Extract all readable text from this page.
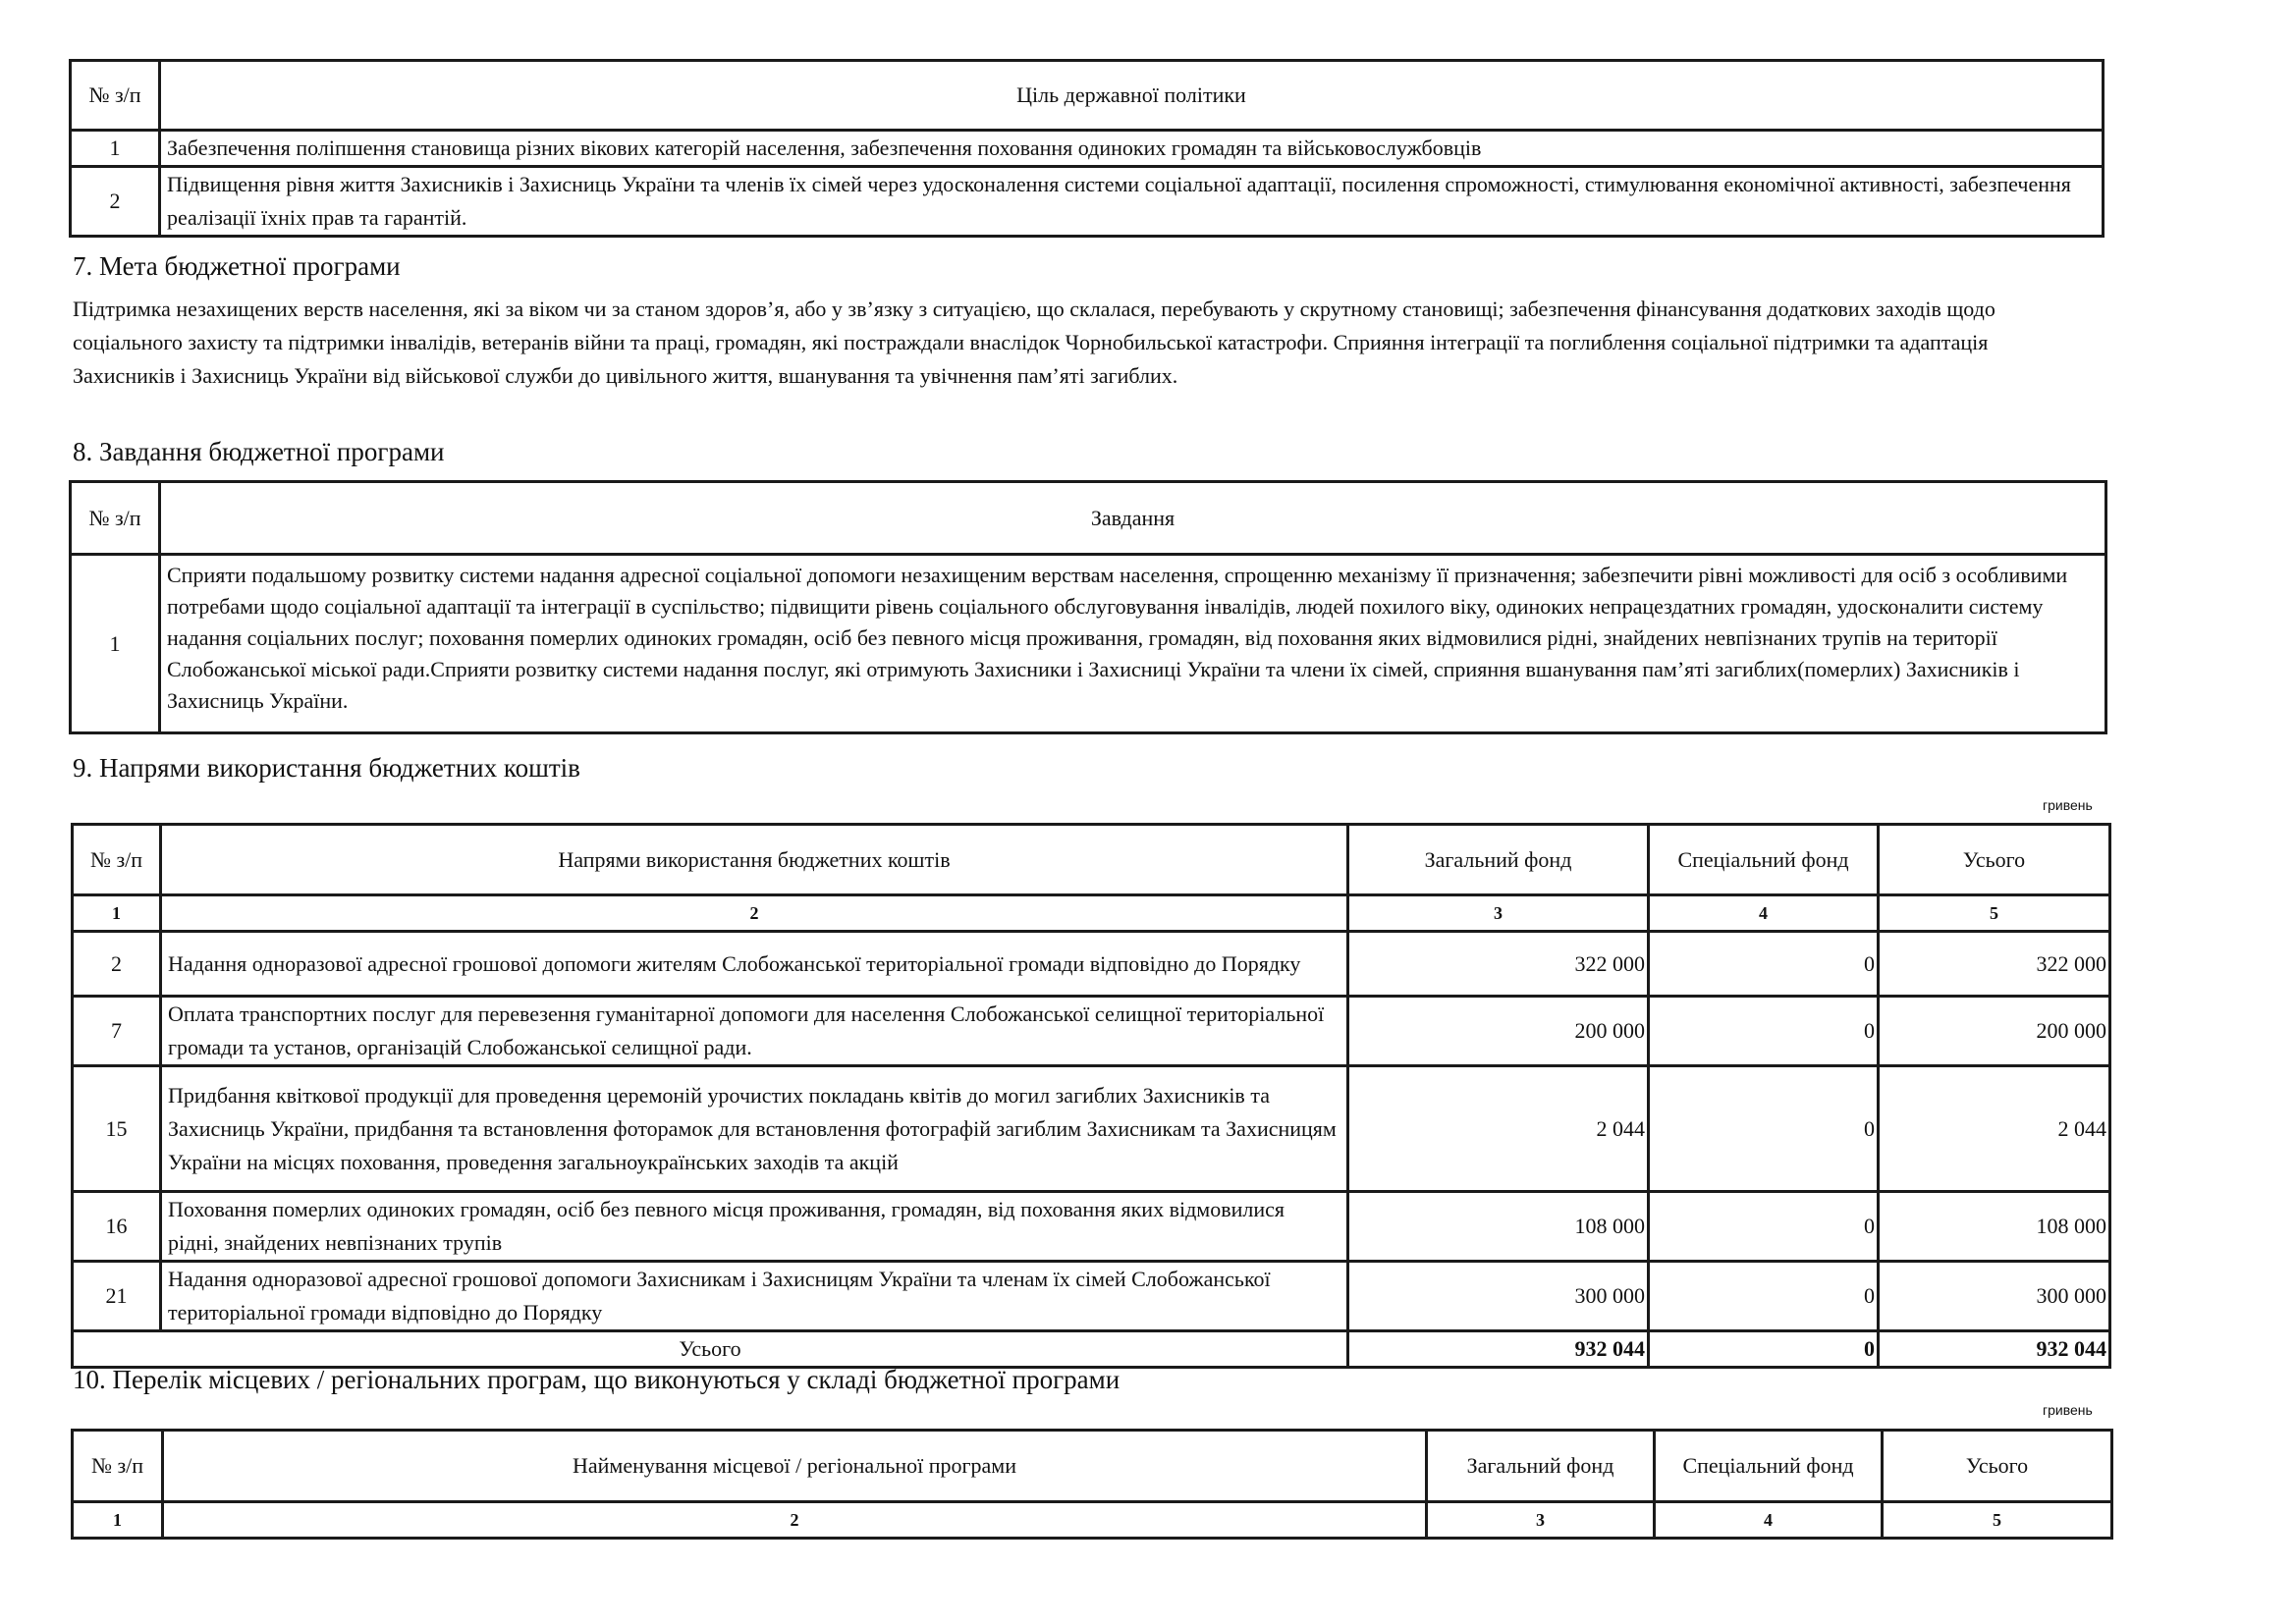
№ з/п	Ціль державної політики
1	Забезпечення поліпшення становища різних вікових категорій населення, забезпечення поховання одиноких громадян та військовослужбовців
2	Підвищення рівня життя Захисників і Захисниць України та членів їх сімей через удосконалення системи соціальної адаптації, посилення спроможності, стимулювання економічної активності, забезпечення реалізації їхніх прав та гарантій.
7. Мета бюджетної програми
Підтримка незахищених верств населення, які за віком чи за станом здоров’я, або у зв’язку з ситуацією, що склалася, перебувають у скрутному становищі; забезпечення фінансування додаткових заходів щодо соціального захисту та підтримки інвалідів, ветеранів війни та праці, громадян, які постраждали внаслідок Чорнобильської катастрофи. Сприяння інтеграції та поглиблення соціальної підтримки та адаптація Захисників і Захисниць України від військової служби до цивільного життя, вшанування та увічнення пам’яті загиблих.
8. Завдання бюджетної програми
№ з/п	Завдання
1	Сприяти подальшому розвитку системи надання адресної соціальної допомоги незахищеним верствам населення, спрощенню механізму її призначення; забезпечити рівні можливості для осіб з особливими потребами щодо соціальної адаптації та інтеграції в суспільство; підвищити рівень соціального обслуговування інвалідів, людей похилого віку, одиноких непрацездатних громадян, удосконалити систему надання соціальних послуг; поховання померлих одиноких громадян, осіб без певного місця проживання, громадян, від поховання яких відмовилися рідні, знайдених невпізнаних трупів на території Слобожанської міської ради.Сприяти розвитку системи надання послуг, які отримують Захисники і Захисниці України та члени їх сімей, сприяння вшанування пам’яті загиблих(померлих) Захисників і Захисниць України.
9. Напрями використання бюджетних коштів
гривень
№ з/п	Напрями використання бюджетних коштів	Загальний фонд	Спеціальний фонд	Усього
1	2	3	4	5
2	Надання одноразової адресної грошової допомоги жителям Слобожанської територіальної громади відповідно до Порядку	322 000	0	322 000
7	Оплата транспортних послуг для перевезення гуманітарної допомоги для населення Слобожанської селищної територіальної громади та установ, організацій Слобожанської селищної ради.	200 000	0	200 000
15	Придбання квіткової продукції для проведення церемоній урочистих покладань квітів до могил загиблих Захисників та Захисниць України, придбання та встановлення фоторамок для встановлення фотографій загиблим Захисникам та Захисницям України на місцях поховання, проведення загальноукраїнських заходів та акцій	2 044	0	2 044
16	Поховання померлих одиноких громадян, осіб без певного місця проживання, громадян, від поховання яких відмовилися рідні, знайдених невпізнаних трупів	108 000	0	108 000
21	Надання одноразової адресної грошової допомоги Захисникам і Захисницям України та членам їх сімей Слобожанської територіальної громади відповідно до Порядку	300 000	0	300 000
Усього		932 044	0	932 044
10. Перелік місцевих / регіональних програм, що виконуються у складі бюджетної програми
гривень
№ з/п	Найменування місцевої / регіональної програми	Загальний фонд	Спеціальний фонд	Усього
1	2	3	4	5
